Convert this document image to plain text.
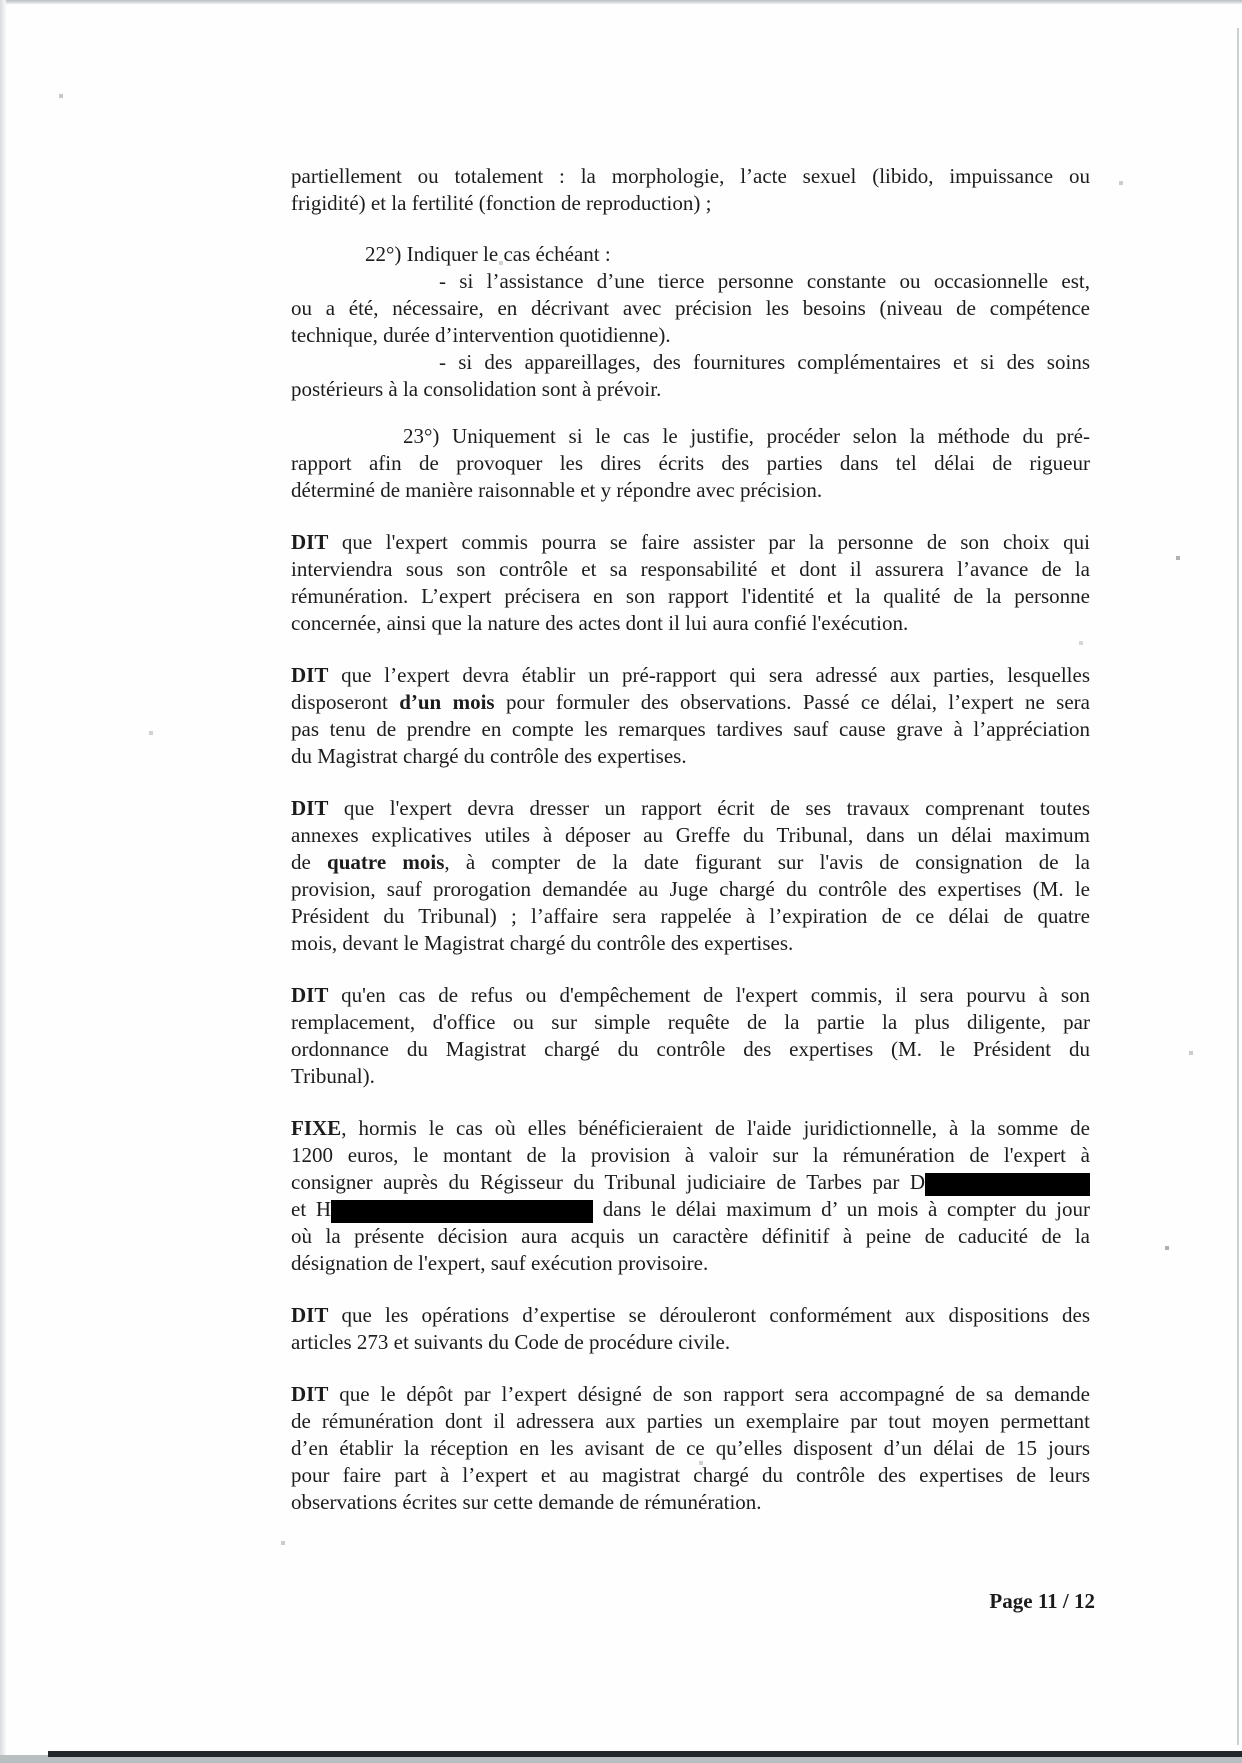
partiellement ou totalement : la morphologie, l’acte sexuel (libido, impuissance ou
frigidité) et la fertilité (fonction de reproduction) ;
22°) Indiquer le cas échéant :
- si l’assistance d’une tierce personne constante ou occasionnelle est,
ou a été, nécessaire, en décrivant avec précision les besoins (niveau de compétence
technique, durée d’intervention quotidienne).
- si des appareillages, des fournitures complémentaires et si des soins
postérieurs à la consolidation sont à prévoir.
23°) Uniquement si le cas le justifie, procéder selon la méthode du pré-
rapport afin de provoquer les dires écrits des parties dans tel délai de rigueur
déterminé de manière raisonnable et y répondre avec précision.
DIT que l'expert commis pourra se faire assister par la personne de son choix qui
interviendra sous son contrôle et sa responsabilité et dont il assurera l’avance de la
rémunération. L’expert précisera en son rapport l'identité et la qualité de la personne
concernée, ainsi que la nature des actes dont il lui aura confié l'exécution.
DIT que l’expert devra établir un pré-rapport qui sera adressé aux parties, lesquelles
disposeront d’un mois pour formuler des observations. Passé ce délai, l’expert ne sera
pas tenu de prendre en compte les remarques tardives sauf cause grave à l’appréciation
du Magistrat chargé du contrôle des expertises.
DIT que l'expert devra dresser un rapport écrit de ses travaux comprenant toutes
annexes explicatives utiles à déposer au Greffe du Tribunal, dans un délai maximum
de quatre mois, à compter de la date figurant sur l'avis de consignation de la
provision, sauf prorogation demandée au Juge chargé du contrôle des expertises (M. le
Président du Tribunal) ; l’affaire sera rappelée à l’expiration de ce délai de quatre
mois, devant le Magistrat chargé du contrôle des expertises.
DIT qu'en cas de refus ou d'empêchement de l'expert commis, il sera pourvu à son
remplacement, d'office ou sur simple requête de la partie la plus diligente, par
ordonnance du Magistrat chargé du contrôle des expertises (M. le Président du
Tribunal).
FIXE, hormis le cas où elles bénéficieraient de l'aide juridictionnelle, à la somme de
1200 euros, le montant de la provision à valoir sur la rémunération de l'expert à
consigner auprès du Régisseur du Tribunal judiciaire de Tarbes par D
et H	dans le délai maximum d’ un mois à compter du jour
où la présente décision aura acquis un caractère définitif à peine de caducité de la
désignation de l'expert, sauf exécution provisoire.
DIT que les opérations d’expertise se dérouleront conformément aux dispositions des
articles 273 et suivants du Code de procédure civile.
DIT que le dépôt par l’expert désigné de son rapport sera accompagné de sa demande
de rémunération dont il adressera aux parties un exemplaire par tout moyen permettant
d’en établir la réception en les avisant de ce qu’elles disposent d’un délai de 15 jours
pour faire part à l’expert et au magistrat chargé du contrôle des expertises de leurs
observations écrites sur cette demande de rémunération.
Page 11 / 12
